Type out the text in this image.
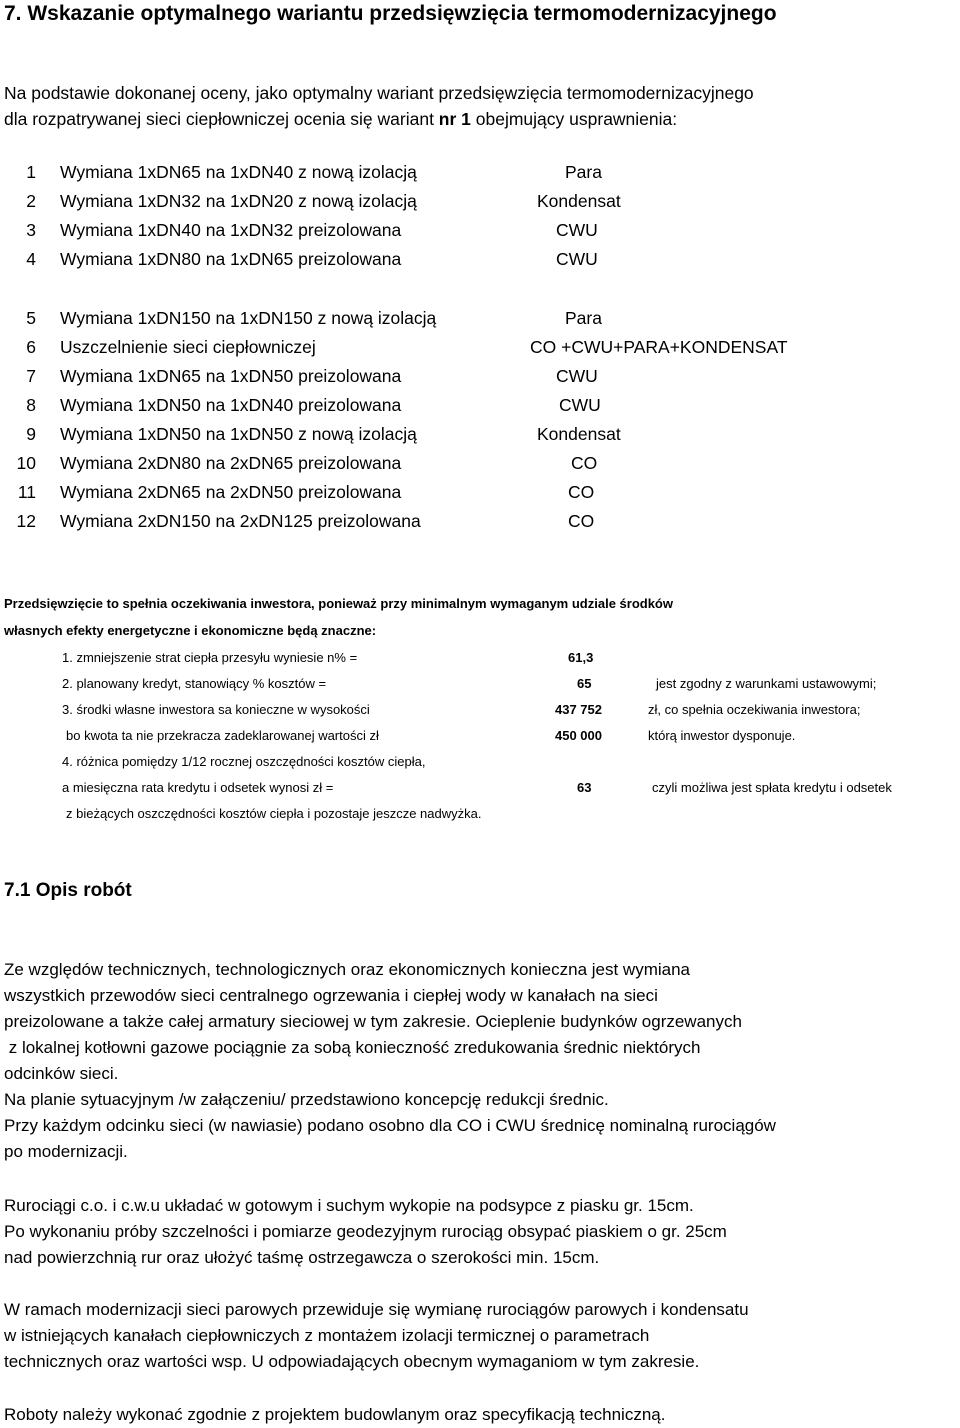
7. Wskazanie optymalnego wariantu przedsięwzięcia termomodernizacyjnego
Na podstawie dokonanej oceny, jako optymalny wariant przedsięwzięcia termomodernizacyjnego
dla rozpatrywanej sieci ciepłowniczej ocenia się wariant nr 1 obejmujący usprawnienia:
1 Wymiana 1xDN65 na 1xDN40 z nową izolacją	Para
2 Wymiana 1xDN32 na 1xDN20 z nową izolacją	Kondensat
3 Wymiana 1xDN40 na 1xDN32 preizolowana	CWU
4 Wymiana 1xDN80 na 1xDN65 preizolowana	CWU
5 Wymiana 1xDN150 na 1xDN150 z nową izolacją	Para
6 Uszczelnienie sieci ciepłowniczej	CO +CWU+PARA+KONDENSAT
7 Wymiana 1xDN65 na 1xDN50 preizolowana	CWU
8 Wymiana 1xDN50 na 1xDN40 preizolowana	CWU
9 Wymiana 1xDN50 na 1xDN50 z nową izolacją	Kondensat
10 Wymiana 2xDN80 na 2xDN65 preizolowana	CO
11 Wymiana 2xDN65 na 2xDN50 preizolowana	CO
12 Wymiana 2xDN150 na 2xDN125 preizolowana	CO
Przedsięwzięcie to spełnia oczekiwania inwestora, ponieważ przy minimalnym wymaganym udziale środków
własnych efekty energetyczne i ekonomiczne będą znaczne:
1. zmniejszenie strat ciepła przesyłu wyniesie n% =	61,3
2. planowany kredyt, stanowiący % kosztów =	65	jest zgodny z warunkami ustawowymi;
3. środki własne inwestora sa konieczne w wysokości	437 752	zł, co spełnia oczekiwania inwestora;
bo kwota ta nie przekracza zadeklarowanej wartości zł	450 000	którą inwestor dysponuje.
4. różnica pomiędzy 1/12 rocznej oszczędności kosztów ciepła,
a miesięczna rata kredytu i odsetek wynosi zł =	63	czyli możliwa jest spłata kredytu i odsetek
z bieżących oszczędności kosztów ciepła i pozostaje jeszcze nadwyżka.
7.1 Opis robót
Ze względów technicznych, technologicznych oraz ekonomicznych konieczna jest wymiana
wszystkich przewodów sieci centralnego ogrzewania i ciepłej wody w kanałach na sieci
preizolowane a także całej armatury sieciowej w tym zakresie. Ocieplenie budynków ogrzewanych
z lokalnej kotłowni gazowe pociągnie za sobą konieczność zredukowania średnic niektórych
odcinków sieci.
Na planie sytuacyjnym /w załączeniu/ przedstawiono koncepcję redukcji średnic.
Przy każdym odcinku sieci (w nawiasie) podano osobno dla CO i CWU średnicę nominalną rurociągów
po modernizacji.
Rurociągi c.o. i c.w.u układać w gotowym i suchym wykopie na podsypce z piasku gr. 15cm.
Po wykonaniu próby szczelności i pomiarze geodezyjnym rurociąg obsypać piaskiem o gr. 25cm
nad powierzchnią rur oraz ułożyć taśmę ostrzegawcza o szerokości min. 15cm.
W ramach modernizacji sieci parowych przewiduje się wymianę rurociągów parowych i kondensatu
w istniejących kanałach ciepłowniczych z montażem izolacji termicznej o parametrach
technicznych oraz wartości wsp. U odpowiadających obecnym wymaganiom w tym zakresie.
Roboty należy wykonać zgodnie z projektem budowlanym oraz specyfikacją techniczną.
